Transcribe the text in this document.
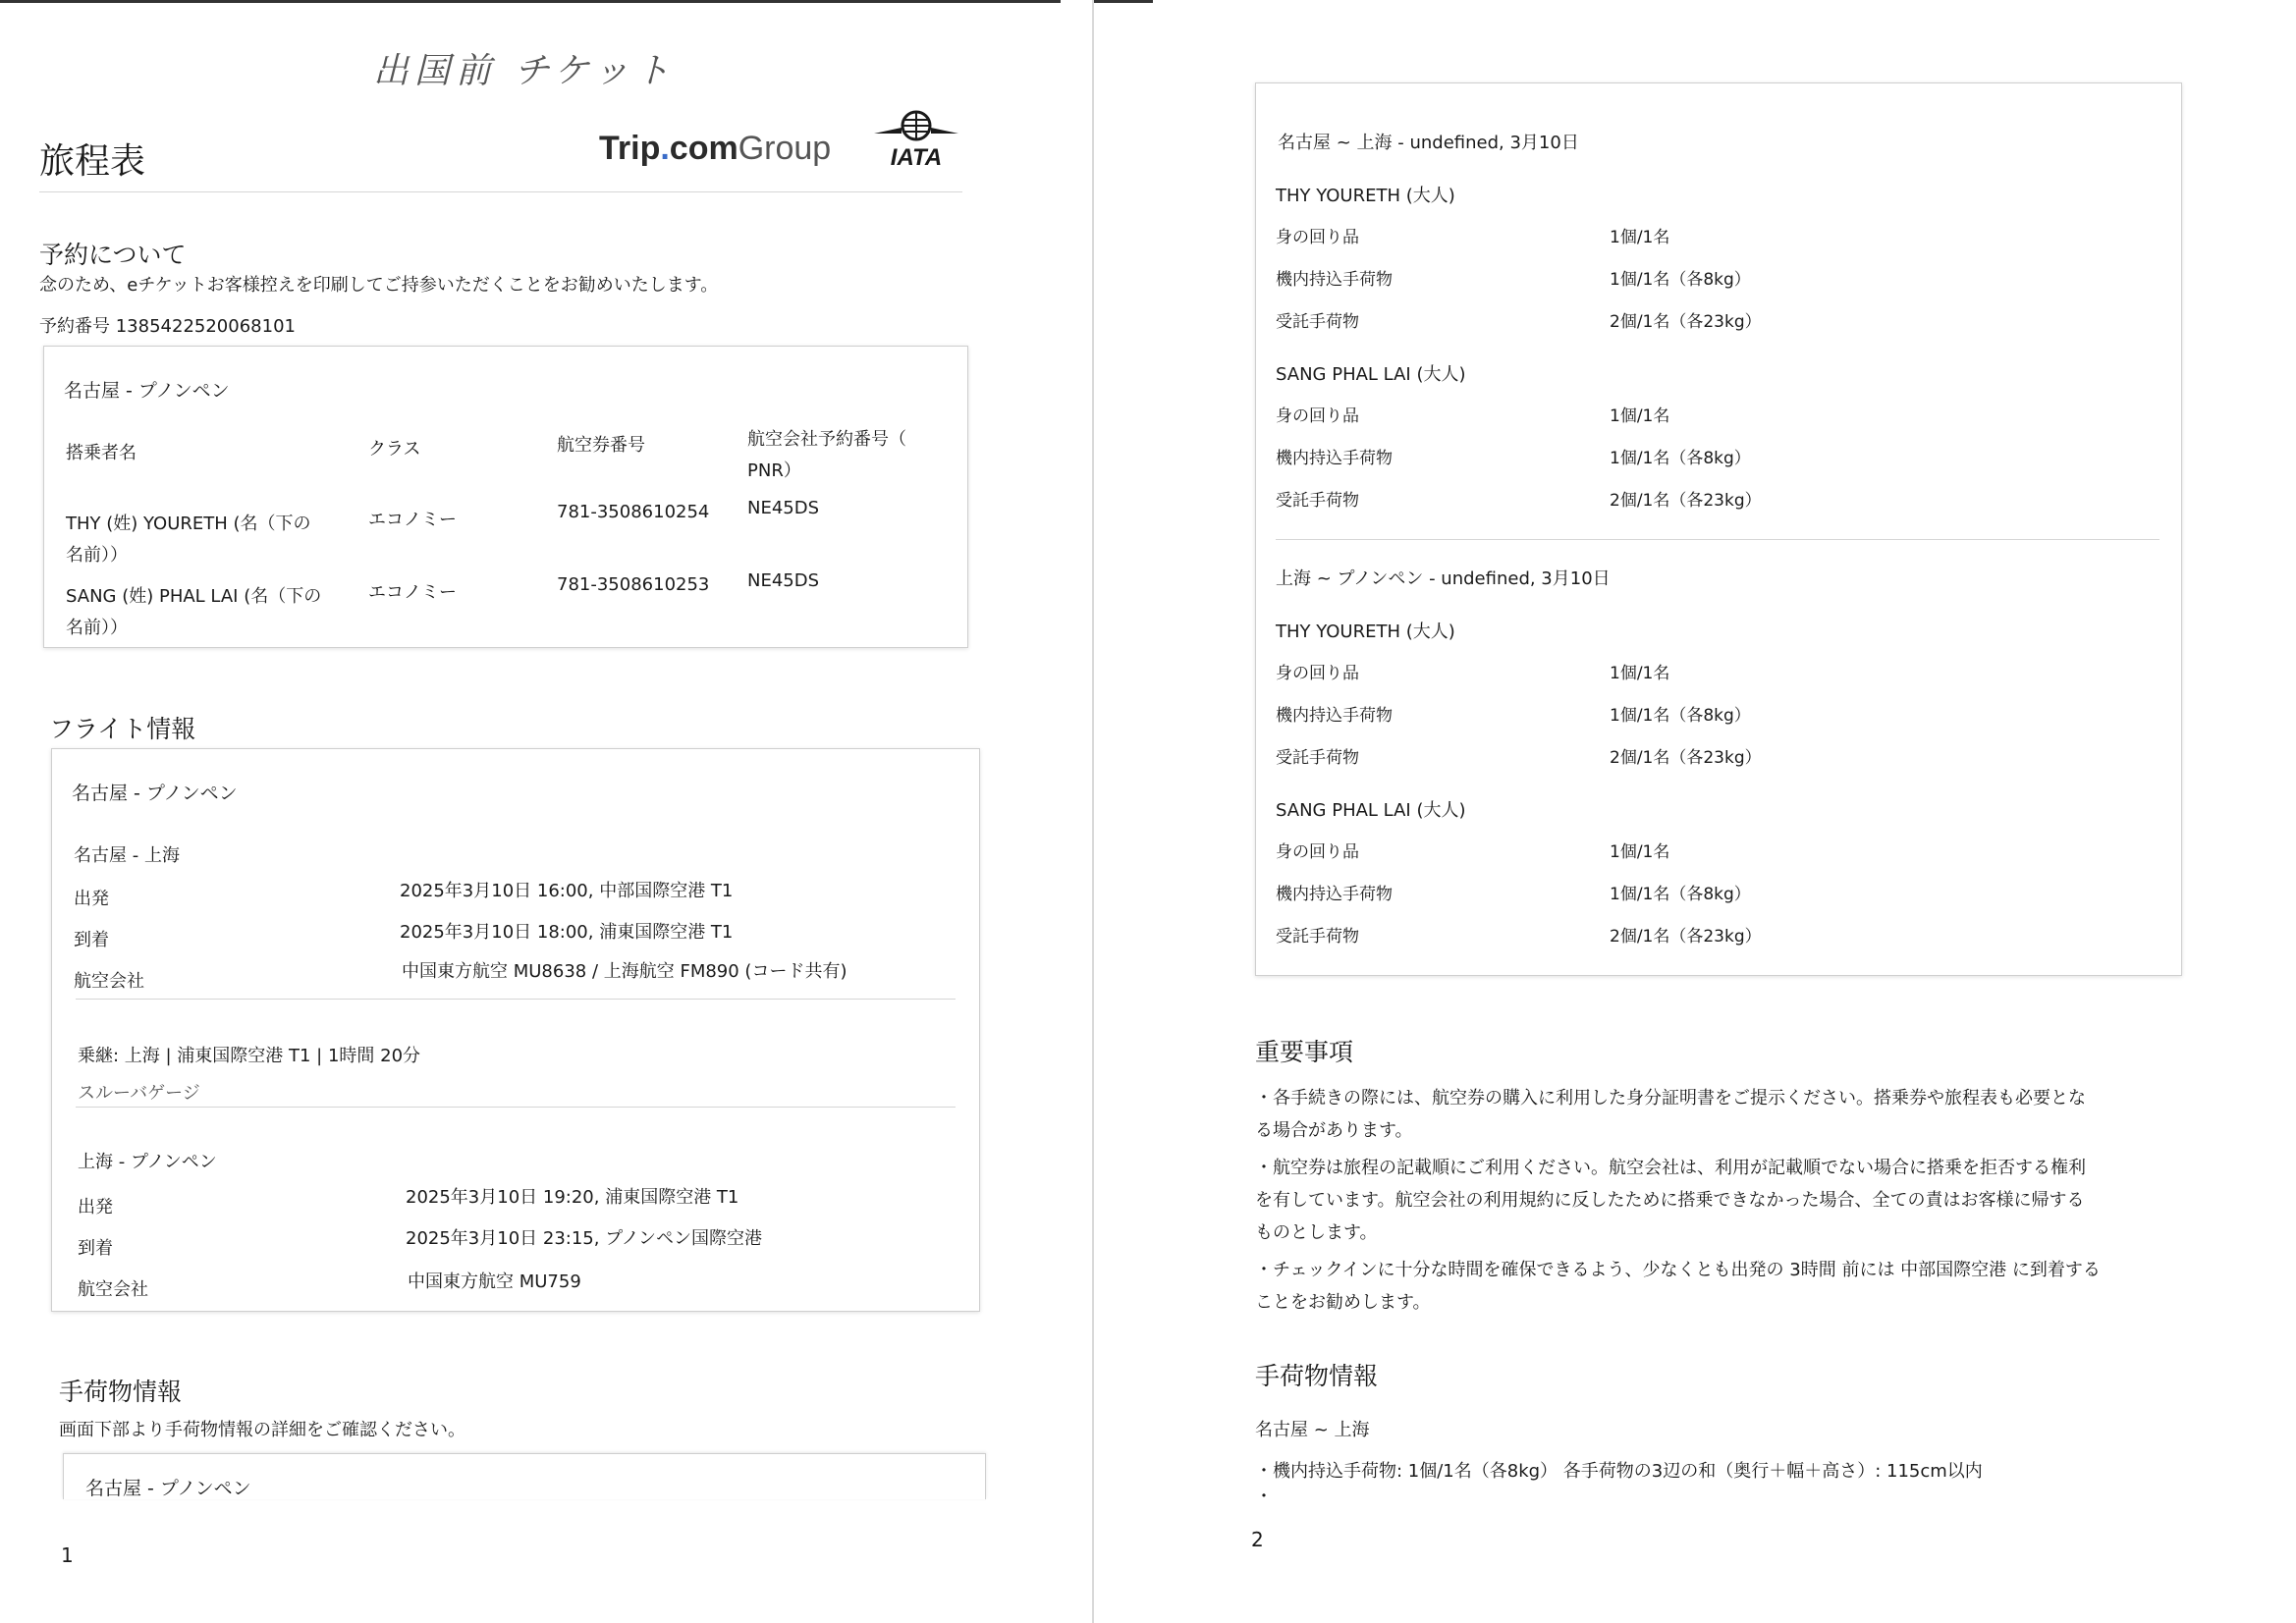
出国前 チケット
旅程表	Trip.comGroup	IATA
予約について
念のため、eチケットお客様控えを印刷してご持参いただくことをお勧めいたします。
予約番号 1385422520068101
名古屋 - プノンペン
搭乗者名	クラス	航空券番号	航空会社予約番号（
PNR）
THY (姓) YOURETH (名（下の
名前））
エコノミー	781-3508610254 NE45DS
SANG (姓) PHAL LAI (名（下の
名前））
エコノミー	781-3508610253 NE45DS
フライト情報
名古屋 - プノンペン
名古屋 - 上海
出発	2025年3月10日 16:00, 中部国際空港 T1
到着	2025年3月10日 18:00, 浦東国際空港 T1
航空会社	中国東方航空 MU8638 / 上海航空 FM890 (コード共有)
乗継: 上海 | 浦東国際空港 T1 | 1時間 20分
スルーバゲージ
上海 - プノンペン
出発	2025年3月10日 19:20, 浦東国際空港 T1
到着	2025年3月10日 23:15, プノンペン国際空港
航空会社	中国東方航空 MU759
手荷物情報
画面下部より手荷物情報の詳細をご確認ください。
名古屋 - プノンペン
1
名古屋 ~ 上海 - undefined, 3月10日
THY YOURETH (大人)
身の回り品	1個/1名
機内持込手荷物	1個/1名（各8kg）
受託手荷物	2個/1名（各23kg）
SANG PHAL LAI (大人)
身の回り品	1個/1名
機内持込手荷物	1個/1名（各8kg）
受託手荷物	2個/1名（各23kg）
上海 ~ プノンペン - undefined, 3月10日
THY YOURETH (大人)
身の回り品	1個/1名
機内持込手荷物	1個/1名（各8kg）
受託手荷物	2個/1名（各23kg）
SANG PHAL LAI (大人)
身の回り品	1個/1名
機内持込手荷物	1個/1名（各8kg）
受託手荷物	2個/1名（各23kg）
重要事項
・各手続きの際には、航空券の購入に利用した身分証明書をご提示ください。搭乗券や旅程表も必要とな
る場合があります。
・航空券は旅程の記載順にご利用ください。航空会社は、利用が記載順でない場合に搭乗を拒否する権利
を有しています。航空会社の利用規約に反したために搭乗できなかった場合、全ての責はお客様に帰する
ものとします。
・チェックインに十分な時間を確保できるよう、少なくとも出発の 3時間 前には 中部国際空港 に到着する
ことをお勧めします。
手荷物情報
名古屋 ~ 上海
・機内持込手荷物: 1個/1名（各8kg） 各手荷物の3辺の和（奥行＋幅＋高さ）: 115cm以内
・
2
